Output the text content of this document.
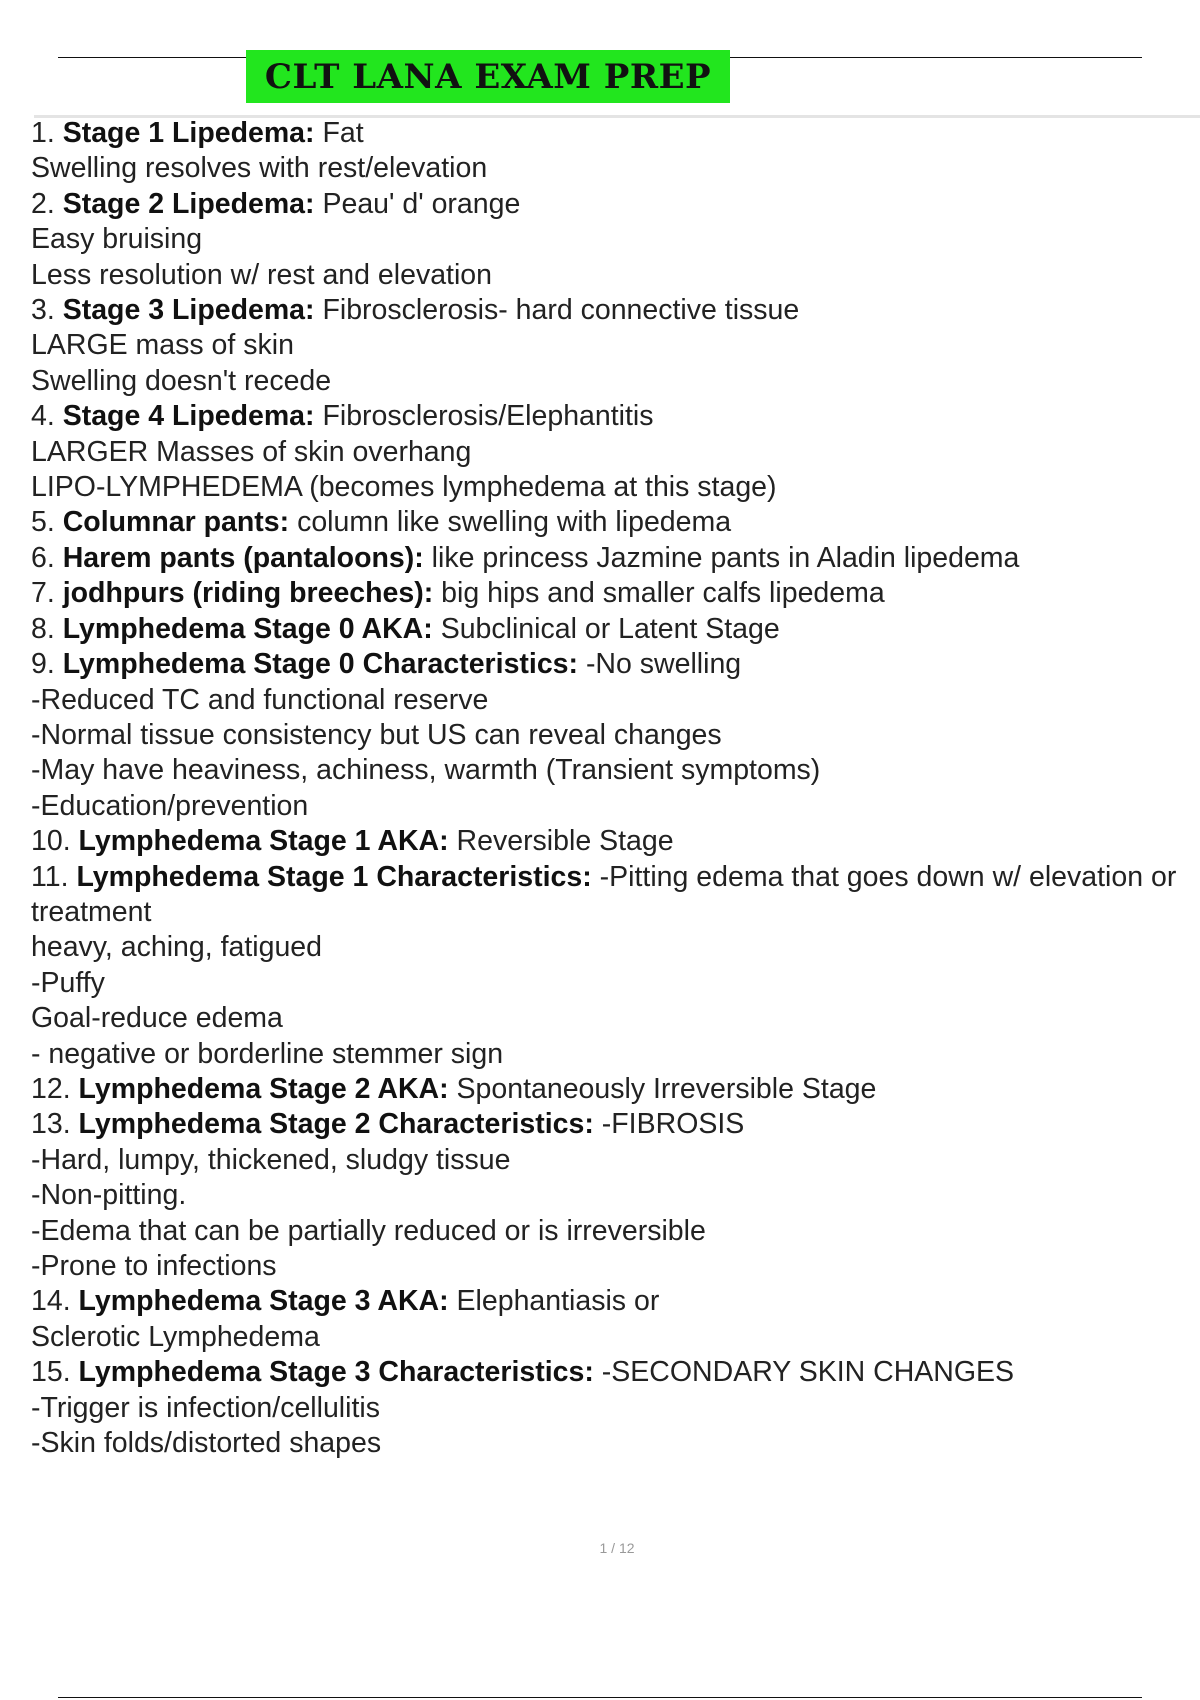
CLT LANA EXAM PREP
1. Stage 1 Lipedema: Fat
Swelling resolves with rest/elevation
2. Stage 2 Lipedema: Peau' d' orange
Easy bruising
Less resolution w/ rest and elevation
3. Stage 3 Lipedema: Fibrosclerosis- hard connective tissue
LARGE mass of skin
Swelling doesn't recede
4. Stage 4 Lipedema: Fibrosclerosis/Elephantitis
LARGER Masses of skin overhang
LIPO-LYMPHEDEMA (becomes lymphedema at this stage)
5. Columnar pants: column like swelling with lipedema
6. Harem pants (pantaloons): like princess Jazmine pants in Aladin lipedema
7. jodhpurs (riding breeches): big hips and smaller calfs lipedema
8. Lymphedema Stage 0 AKA: Subclinical or Latent Stage
9. Lymphedema Stage 0 Characteristics: -No swelling
-Reduced TC and functional reserve
-Normal tissue consistency but US can reveal changes
-May have heaviness, achiness, warmth (Transient symptoms)
-Education/prevention
10. Lymphedema Stage 1 AKA: Reversible Stage
11. Lymphedema Stage 1 Characteristics: -Pitting edema that goes down w/ elevation or treatment
heavy, aching, fatigued
-Puffy
Goal-reduce edema
- negative or borderline stemmer sign
12. Lymphedema Stage 2 AKA: Spontaneously Irreversible Stage
13. Lymphedema Stage 2 Characteristics: -FIBROSIS
-Hard, lumpy, thickened, sludgy tissue
-Non-pitting.
-Edema that can be partially reduced or is irreversible
-Prone to infections
14. Lymphedema Stage 3 AKA: Elephantiasis or
Sclerotic Lymphedema
15. Lymphedema Stage 3 Characteristics: -SECONDARY SKIN CHANGES
-Trigger is infection/cellulitis
-Skin folds/distorted shapes
1 / 12
